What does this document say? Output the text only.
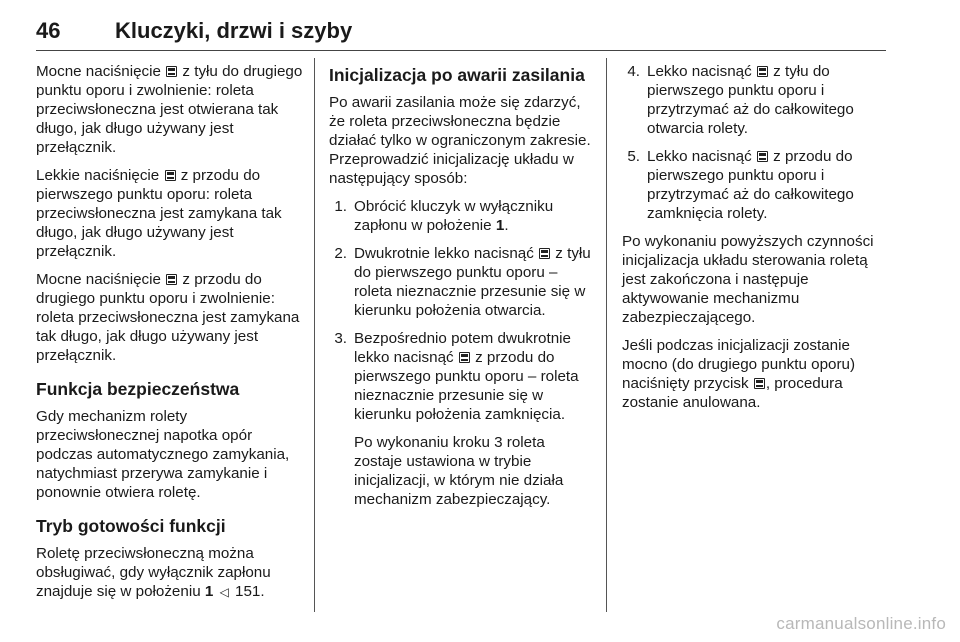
46 Kluczyki, drzwi i szyby

Mocne naciśnięcie z tyłu do drugiego punktu oporu i zwolnienie: roleta przeciwsłoneczna jest otwierana tak długo, jak długo używany jest przełącznik.

Lekkie naciśnięcie z przodu do pierwszego punktu oporu: roleta przeciwsłoneczna jest zamykana tak długo, jak długo używany jest przełącznik.

Mocne naciśnięcie z przodu do drugiego punktu oporu i zwolnienie: roleta przeciwsłoneczna jest zamykana tak długo, jak długo używany jest przełącznik.

Funkcja bezpieczeństwa

Gdy mechanizm rolety przeciwsłonecznej napotka opór podczas automatycznego zamykania, natychmiast przerywa zamykanie i ponownie otwiera roletę.

Tryb gotowości funkcji

Roletę przeciwsłoneczną można obsługiwać, gdy wyłącznik zapłonu znajduje się w położeniu 1 ◁ 151.

Inicjalizacja po awarii zasilania

Po awarii zasilania może się zdarzyć, że roleta przeciwsłoneczna będzie działać tylko w ograniczonym zakresie. Przeprowadzić inicjalizację układu w następujący sposób:

1. Obrócić kluczyk w wyłączniku zapłonu w położenie 1.
2. Dwukrotnie lekko nacisnąć z tyłu do pierwszego punktu oporu – roleta nieznacznie przesunie się w kierunku położenia otwarcia.
3. Bezpośrednio potem dwukrotnie lekko nacisnąć z przodu do pierwszego punktu oporu – roleta nieznacznie przesunie się w kierunku położenia zamknięcia.

Po wykonaniu kroku 3 roleta zostaje ustawiona w trybie inicjalizacji, w którym nie działa mechanizm zabezpieczający.

4. Lekko nacisnąć z tyłu do pierwszego punktu oporu i przytrzymać aż do całkowitego otwarcia rolety.
5. Lekko nacisnąć z przodu do pierwszego punktu oporu i przytrzymać aż do całkowitego zamknięcia rolety.

Po wykonaniu powyższych czynności inicjalizacja układu sterowania roletą jest zakończona i następuje aktywowanie mechanizmu zabezpieczającego.

Jeśli podczas inicjalizacji zostanie mocno (do drugiego punktu oporu) naciśnięty przycisk , procedura zostanie anulowana.

carmanualsonline.info
